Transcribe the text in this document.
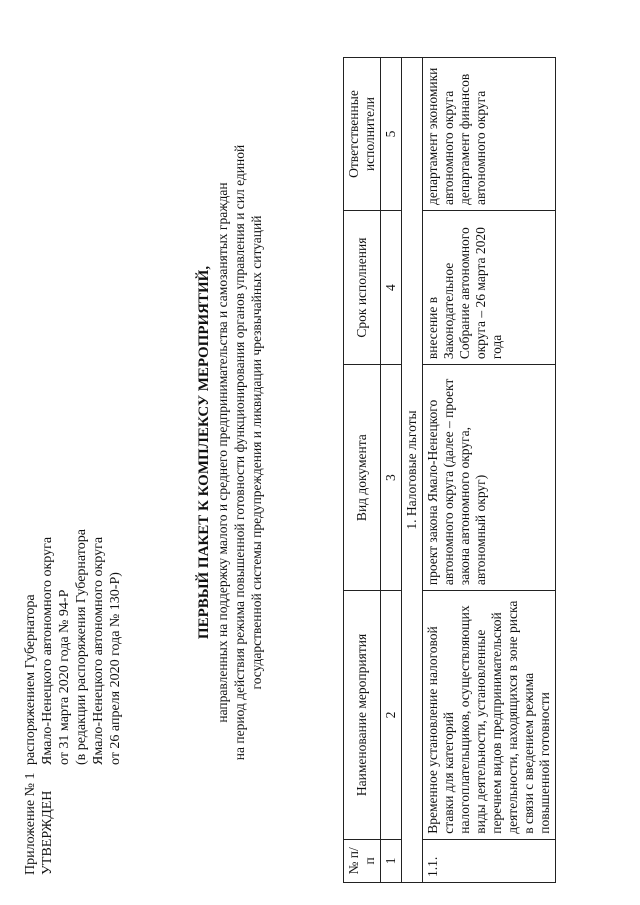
Приложение № 1 УТВЕРЖДЕН
распоряжением Губернатора Ямало-Ненецкого автономного округа от 31 марта 2020 года № 94-Р (в редакции распоряжения Губернатора Ямало-Ненецкого автономного округа от 26 апреля 2020 года № 130-Р)
ПЕРВЫЙ ПАКЕТ К КОМПЛЕКСУ МЕРОПРИЯТИЙ, направленных на поддержку малого и среднего предпринимательства и самозанятых граждан на период действия режима повышенной готовности функционирования органов управления и сил единой государственной системы предупреждения и ликвидации чрезвычайных ситуаций
№ п/п	Наименование мероприятия	Вид документа	Срок исполнения	Ответственные исполнители
1	2	3	4	5
1. Налоговые льготы				
1.1.	Временное установление налоговой ставки для категорий налогоплательщиков, осуществляющих виды деятельности, установленные перечнем видов предпринимательской деятельности, находящихся в зоне риска в связи с введением режима повышенной готовности	проект закона Ямало-Ненецкого автономного округа (далее – проект закона автономного округа, автономный округ)	внесение в Законодательное Собрание автономного округа – 26 марта 2020 года	департамент экономики автономного округа департамент финансов автономного округа
